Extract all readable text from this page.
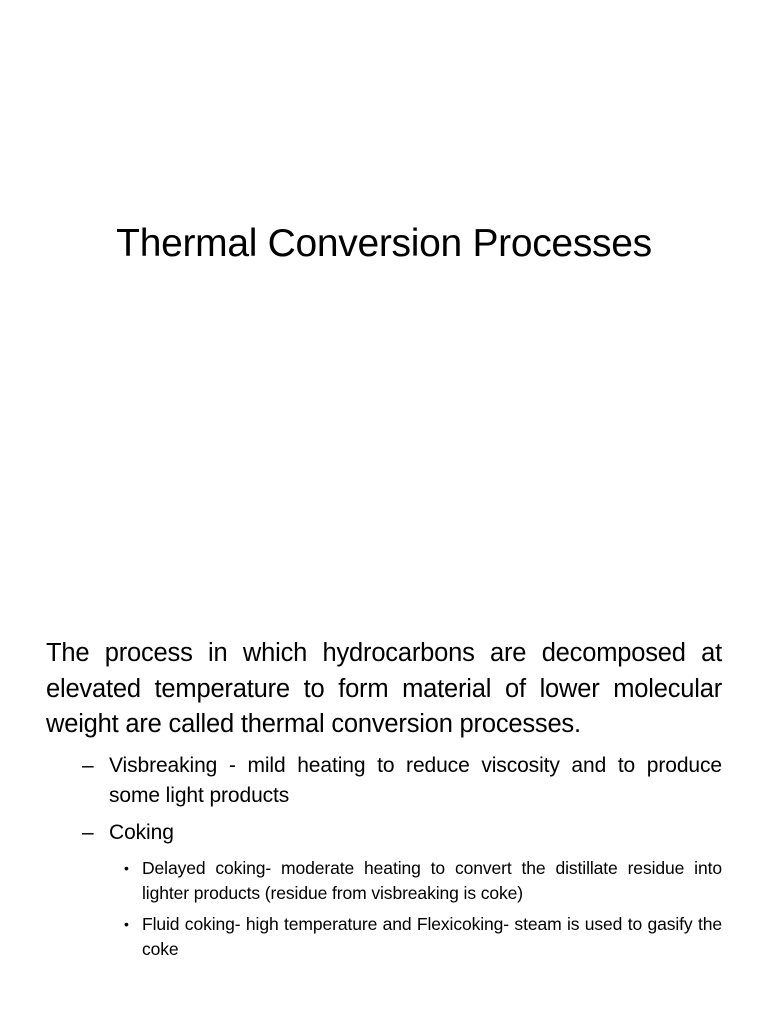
Thermal Conversion Processes

The process in which hydrocarbons are decomposed at elevated temperature to form material of lower molecular weight are called thermal conversion processes.

– Visbreaking - mild heating to reduce viscosity and to produce some light products

– Coking

• Delayed coking- moderate heating to convert the distillate residue into lighter products (residue from visbreaking is coke)

• Fluid coking- high temperature and Flexicoking- steam is used to gasify the coke
